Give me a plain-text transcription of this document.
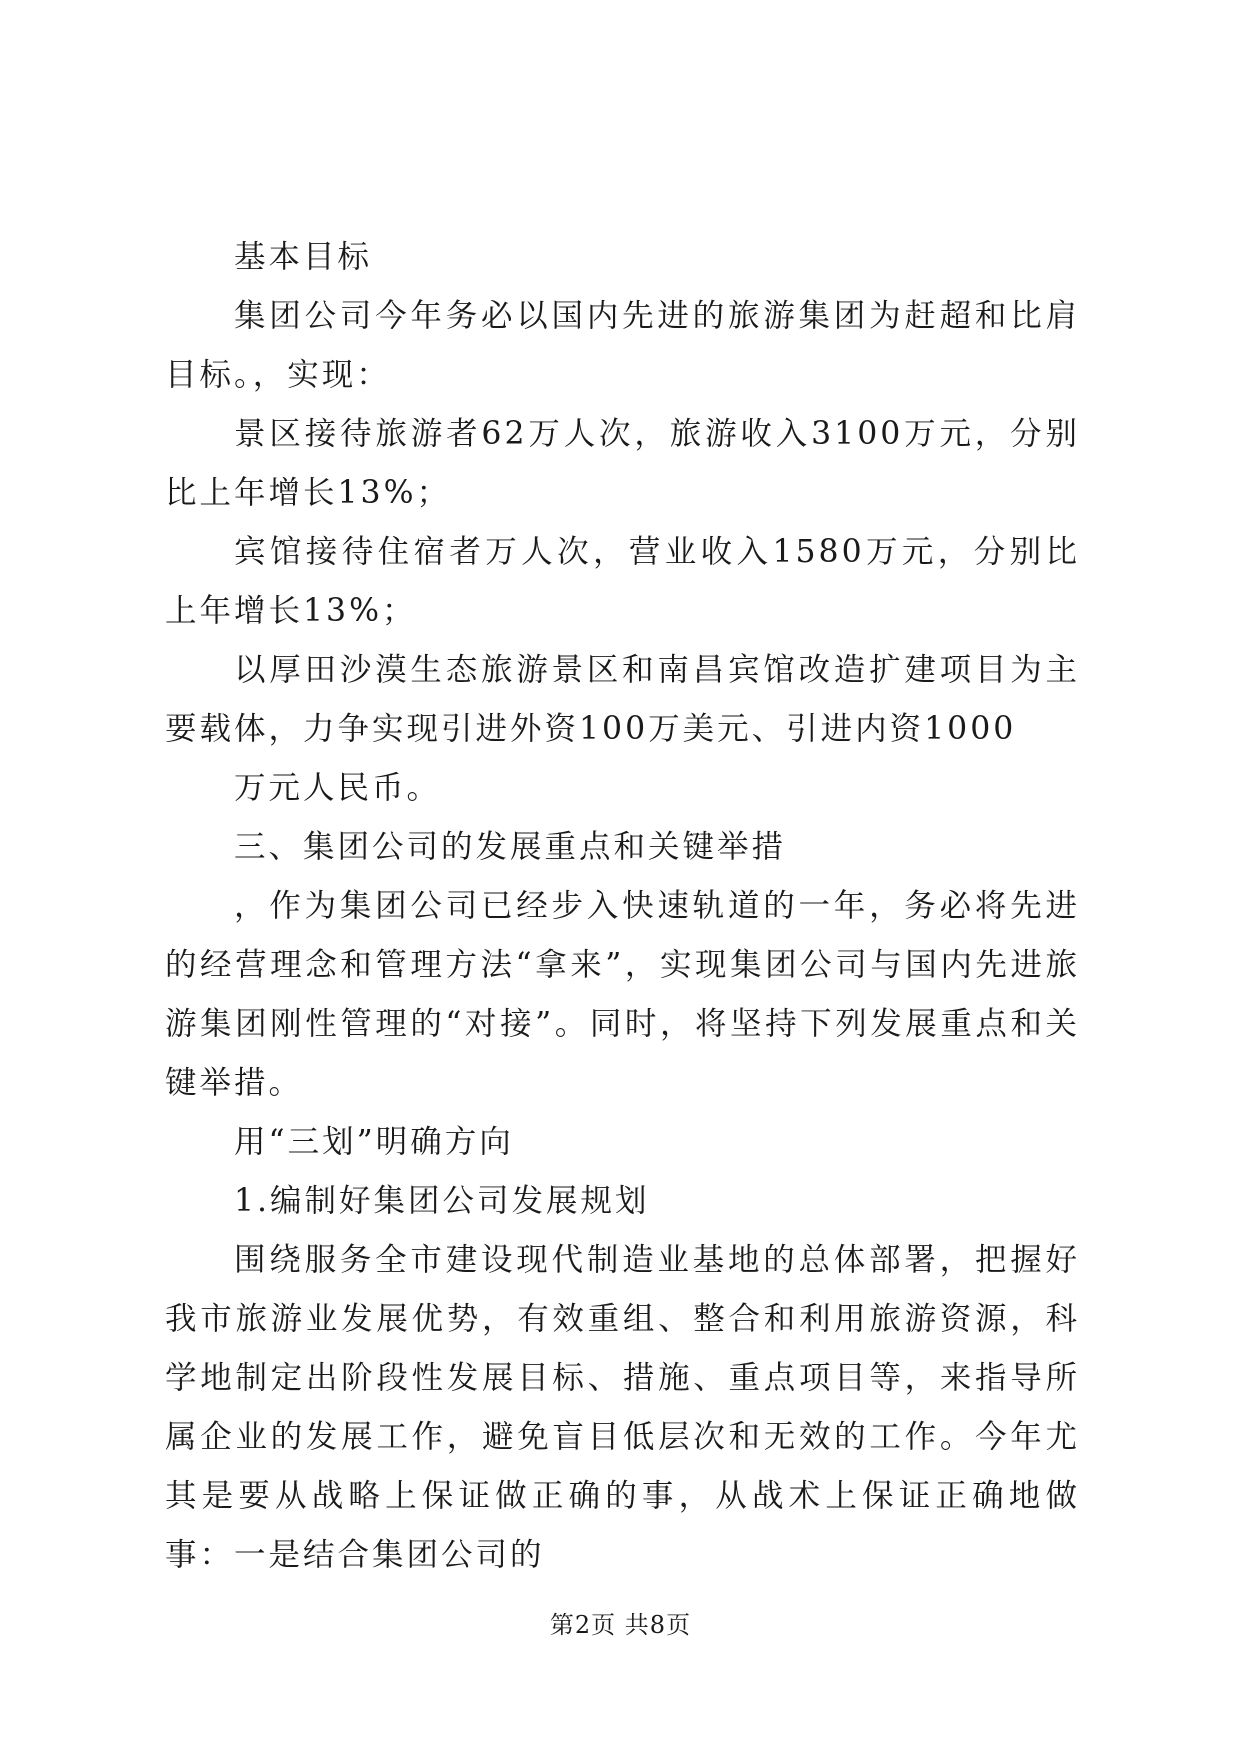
基本目标

集团公司今年务必以国内先进的旅游集团为赶超和比肩目标。，实现：

景区接待旅游者62万人次，旅游收入3100万元，分别比上年增长13%；

宾馆接待住宿者万人次，营业收入1580万元，分别比上年增长13%；

以厚田沙漠生态旅游景区和南昌宾馆改造扩建项目为主要载体，力争实现引进外资100万美元、引进内资1000

万元人民币。

三、集团公司的发展重点和关键举措

，作为集团公司已经步入快速轨道的一年，务必将先进的经营理念和管理方法“拿来”，实现集团公司与国内先进旅游集团刚性管理的“对接”。同时，将坚持下列发展重点和关键举措。

用“三划”明确方向

1.编制好集团公司发展规划

围绕服务全市建设现代制造业基地的总体部署，把握好我市旅游业发展优势，有效重组、整合和利用旅游资源，科学地制定出阶段性发展目标、措施、重点项目等，来指导所属企业的发展工作，避免盲目低层次和无效的工作。今年尤其是要从战略上保证做正确的事，从战术上保证正确地做事：一是结合集团公司的

第2页 共8页
